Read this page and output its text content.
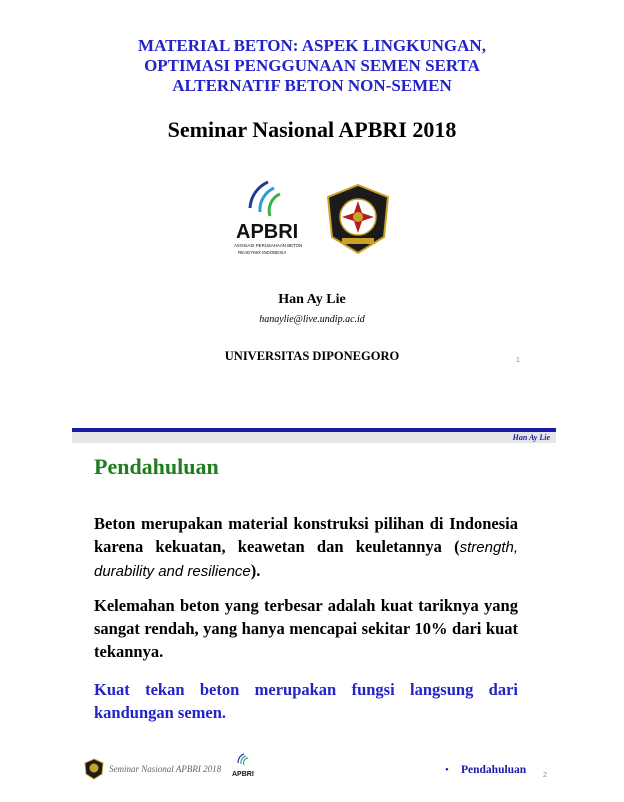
MATERIAL BETON: ASPEK LINGKUNGAN,
OPTIMASI PENGGUNAAN SEMEN SERTA
ALTERNATIF BETON NON-SEMEN
Seminar Nasional APBRI 2018
APBRI
ASOSIASI PERUSAHAAN BETON
READYMIX INDONESIA
Han Ay Lie
hanaylie@live.undip.ac.id
UNIVERSITAS DIPONEGORO	1
Han Ay Lie
Pendahuluan
Beton merupakan material konstruksi pilihan di Indonesia karena kekuatan, keawetan dan keuletannya (strength, durability and resilience).
Kelemahan beton yang terbesar adalah kuat tariknya yang sangat rendah, yang hanya mencapai sekitar 10% dari kuat tekannya.
Kuat tekan beton merupakan fungsi langsung dari kandungan semen.
Seminar Nasional APBRI 2018
APBRI	• Pendahuluan 2
